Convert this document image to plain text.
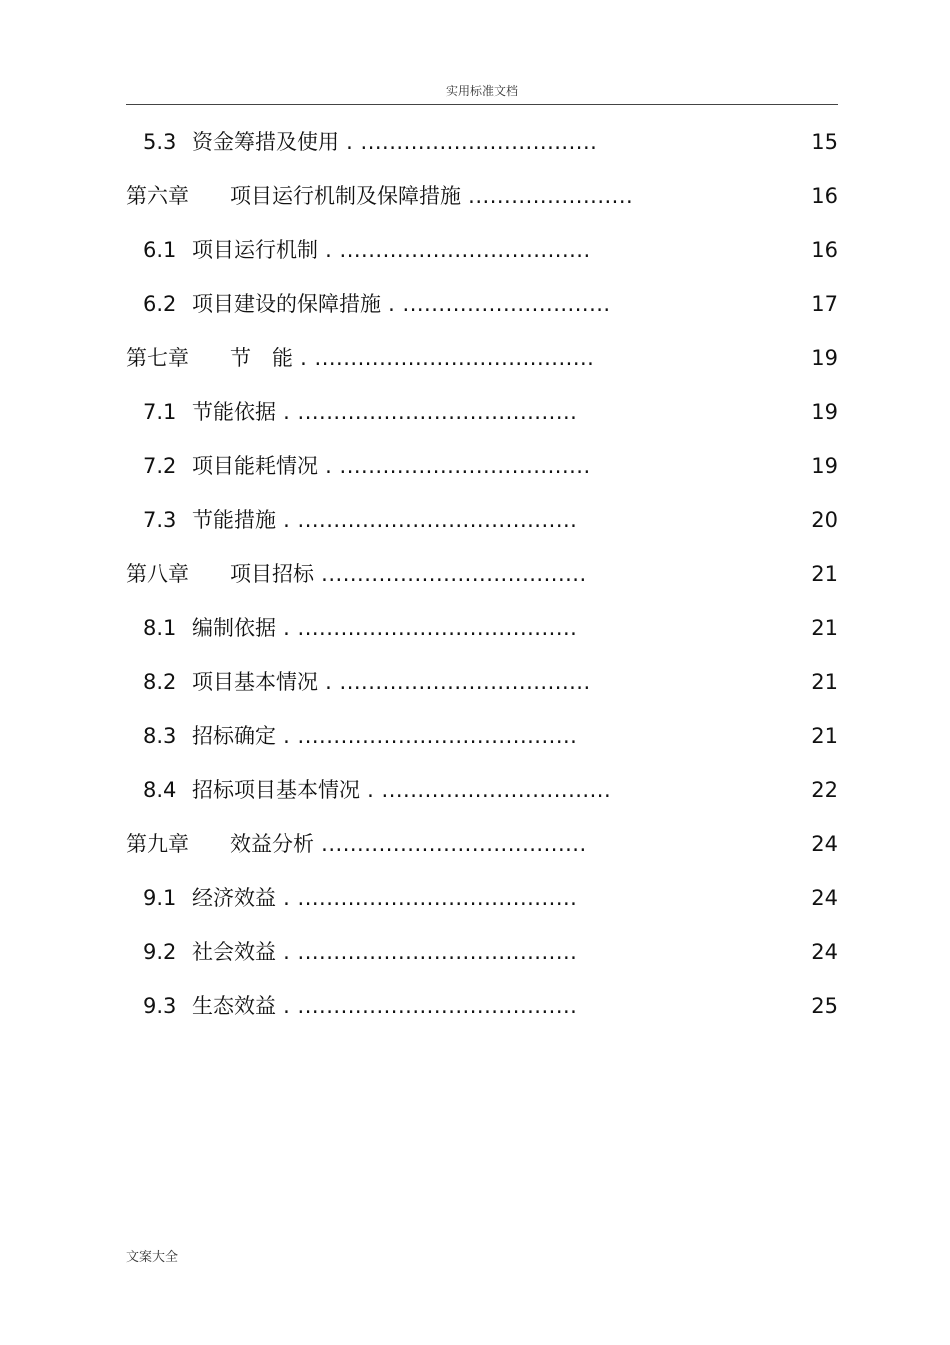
实用标准文档
5.3 资金筹措及使用 . .................................	15
第六章 项目运行机制及保障措施 .......................	16
6.1 项目运行机制 . ...................................	16
6.2 项目建设的保障措施 . .............................	17
第七章 节　能 . .......................................	19
7.1 节能依据 . .......................................	19
7.2 项目能耗情况 . ...................................	19
7.3 节能措施 . .......................................	20
第八章 项目招标 .....................................	21
8.1 编制依据 . .......................................	21
8.2 项目基本情况 . ...................................	21
8.3 招标确定 . .......................................	21
8.4 招标项目基本情况 . ................................	22
第九章 效益分析 .....................................	24
9.1 经济效益 . .......................................	24
9.2 社会效益 . .......................................	24
9.3 生态效益 . .......................................	25
文案大全
